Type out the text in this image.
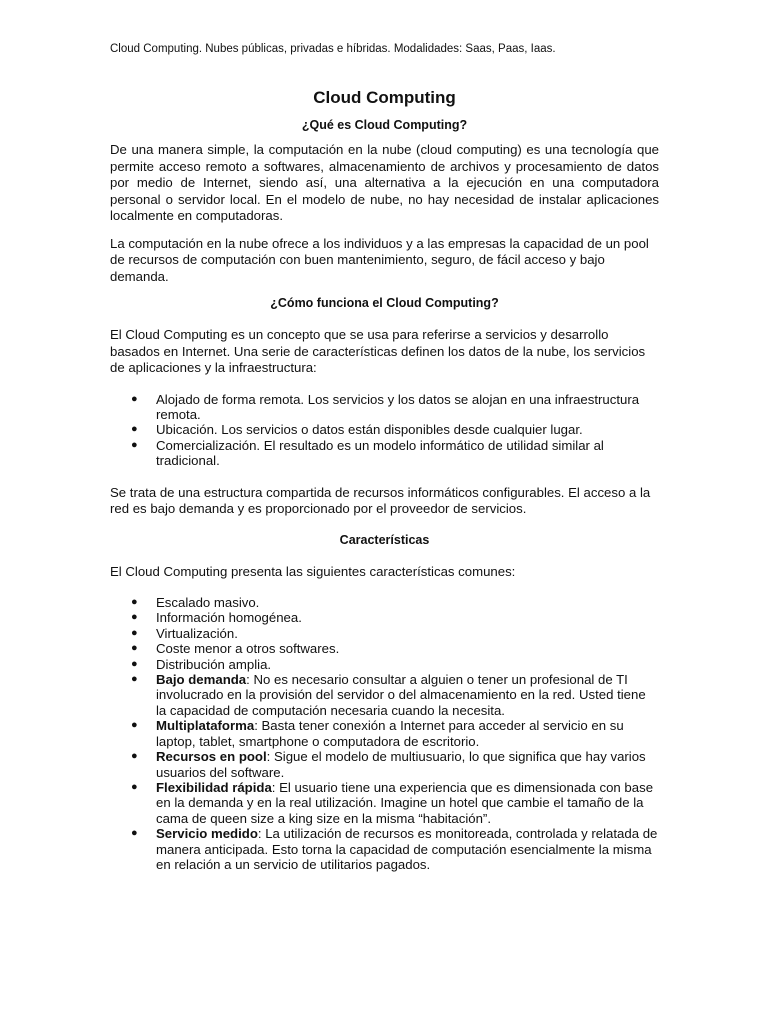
Cloud Computing. Nubes públicas, privadas e híbridas. Modalidades: Saas, Paas, Iaas.
Cloud Computing
¿Qué es Cloud Computing?

De una manera simple, la computación en la nube (cloud computing) es una tecnología que permite acceso remoto a softwares, almacenamiento de archivos y procesamiento de datos por medio de Internet, siendo así, una alternativa a la ejecución en una computadora personal o servidor local. En el modelo de nube, no hay necesidad de instalar aplicaciones localmente en computadoras.

La computación en la nube ofrece a los individuos y a las empresas la capacidad de un pool de recursos de computación con buen mantenimiento, seguro, de fácil acceso y bajo demanda.

¿Cómo funciona el Cloud Computing?

El Cloud Computing es un concepto que se usa para referirse a servicios y desarrollo basados en Internet. Una serie de características definen los datos de la nube, los servicios de aplicaciones y la infraestructura:

● Alojado de forma remota. Los servicios y los datos se alojan en una infraestructura remota.
● Ubicación. Los servicios o datos están disponibles desde cualquier lugar.
● Comercialización. El resultado es un modelo informático de utilidad similar al tradicional.

Se trata de una estructura compartida de recursos informáticos configurables. El acceso a la red es bajo demanda y es proporcionado por el proveedor de servicios.

Características

El Cloud Computing presenta las siguientes características comunes:

● Escalado masivo.
● Información homogénea.
● Virtualización.
● Coste menor a otros softwares.
● Distribución amplia.
● Bajo demanda: No es necesario consultar a alguien o tener un profesional de TI involucrado en la provisión del servidor o del almacenamiento en la red. Usted tiene la capacidad de computación necesaria cuando la necesita.
● Multiplataforma: Basta tener conexión a Internet para acceder al servicio en su laptop, tablet, smartphone o computadora de escritorio.
● Recursos en pool: Sigue el modelo de multiusuario, lo que significa que hay varios usuarios del software.
● Flexibilidad rápida: El usuario tiene una experiencia que es dimensionada con base en la demanda y en la real utilización. Imagine un hotel que cambie el tamaño de la cama de queen size a king size en la misma “habitación”.
● Servicio medido: La utilización de recursos es monitoreada, controlada y relatada de manera anticipada. Esto torna la capacidad de computación esencialmente la misma en relación a un servicio de utilitarios pagados.
